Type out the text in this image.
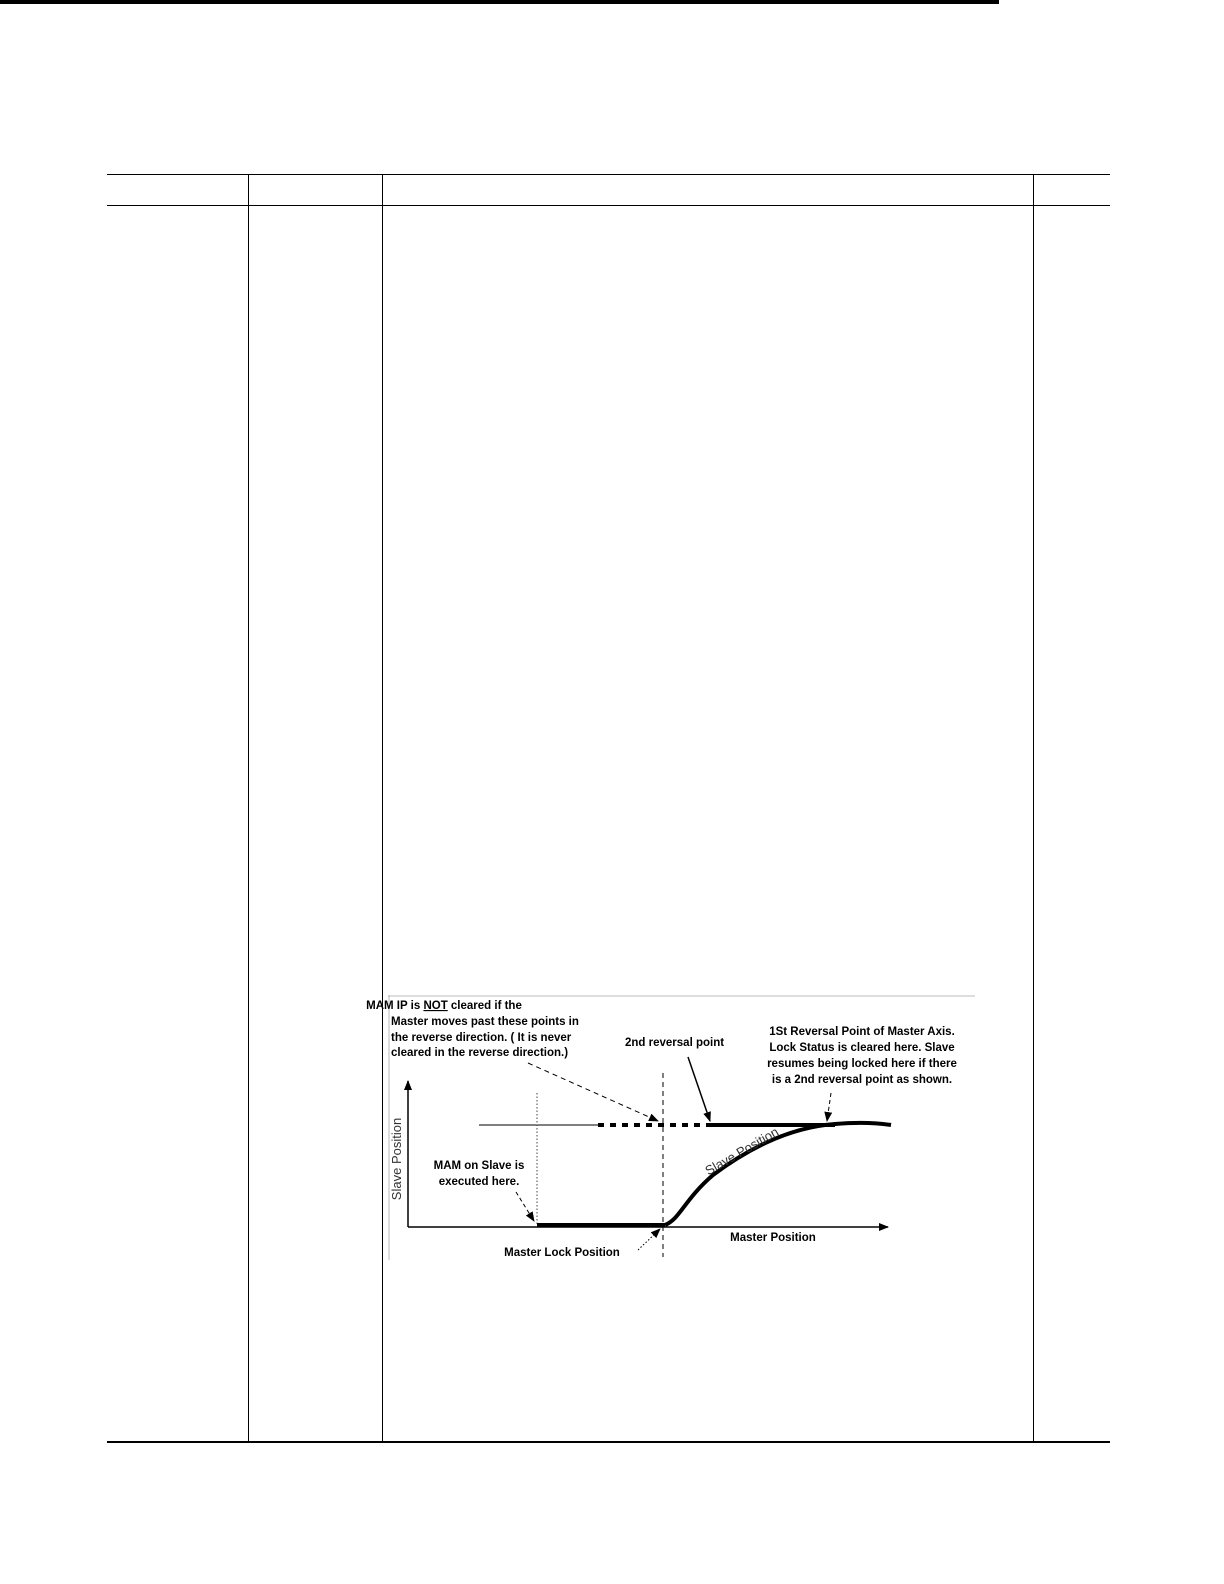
MAM IP is NOT cleared if the
Master moves past these points in
the reverse direction. ( It is never
cleared in the reverse direction.)
2nd reversal point
1St Reversal Point of Master Axis.
Lock Status is cleared here. Slave
resumes being locked here if there
is a 2nd reversal point as shown.
Slave Position	Slave Position
MAM on Slave is
executed here.
Master Position
Master Lock Position
